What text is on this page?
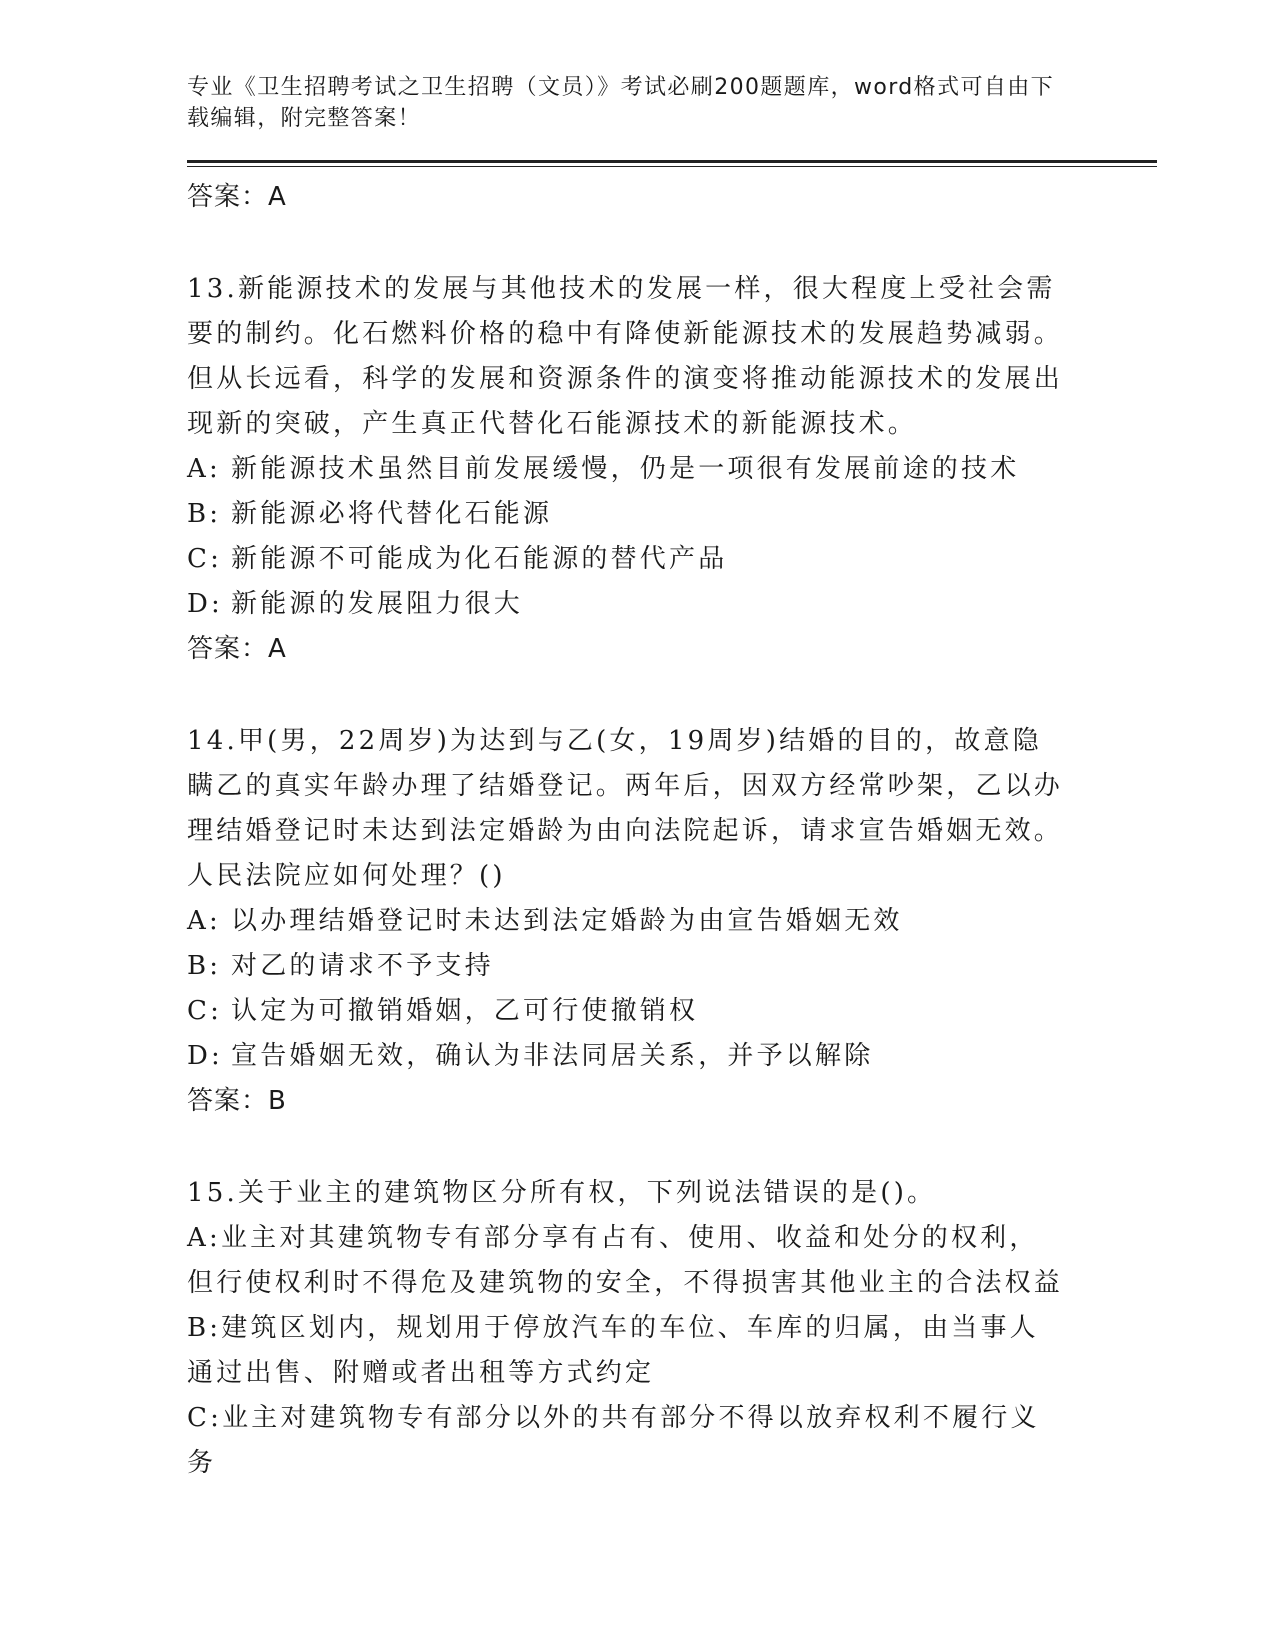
专业《卫生招聘考试之卫生招聘（文员）》考试必刷200题题库，word格式可自由下载编辑，附完整答案！

答案：A

13.新能源技术的发展与其他技术的发展一样，很大程度上受社会需要的制约。化石燃料价格的稳中有降使新能源技术的发展趋势减弱。但从长远看，科学的发展和资源条件的演变将推动能源技术的发展出现新的突破，产生真正代替化石能源技术的新能源技术。

A: 新能源技术虽然目前发展缓慢，仍是一项很有发展前途的技术

B: 新能源必将代替化石能源

C: 新能源不可能成为化石能源的替代产品

D: 新能源的发展阻力很大

答案：A

14.甲(男，22周岁)为达到与乙(女，19周岁)结婚的目的，故意隐瞒乙的真实年龄办理了结婚登记。两年后，因双方经常吵架，乙以办理结婚登记时未达到法定婚龄为由向法院起诉，请求宣告婚姻无效。人民法院应如何处理？()

A: 以办理结婚登记时未达到法定婚龄为由宣告婚姻无效

B: 对乙的请求不予支持

C: 认定为可撤销婚姻，乙可行使撤销权

D: 宣告婚姻无效，确认为非法同居关系，并予以解除

答案：B

15.关于业主的建筑物区分所有权，下列说法错误的是()。

A:业主对其建筑物专有部分享有占有、使用、收益和处分的权利，但行使权利时不得危及建筑物的安全，不得损害其他业主的合法权益

B:建筑区划内，规划用于停放汽车的车位、车库的归属，由当事人通过出售、附赠或者出租等方式约定

C:业主对建筑物专有部分以外的共有部分不得以放弃权利不履行义务
